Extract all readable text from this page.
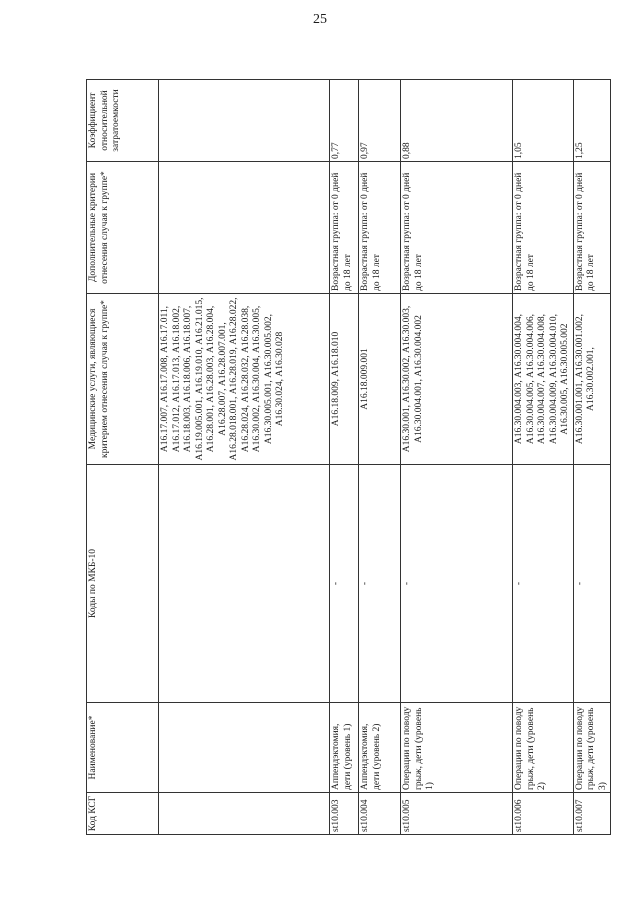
25
Код КСГ	Наименование*	Коды по МКБ-10	Медицинские услуги, являющиеся критерием отнесения случая к группе*	Дополнительные критерии отнесения случая к группе*	Коэффициент относительной затратоемкости
			А16.17.007, А16.17.008, А16.17.011, А16.17.012, А16.17.013, А16.18.002, А16.18.003, А16.18.006, А16.18.007, А16.19.005.001, А16.19.010, А16.21.015, А16.28.001, А16.28.003, А16.28.004, А16.28.007, А16.28.007.001, А16.28.018.001, А16.28.019, А16.28.022, А16.28.024, А16.28.032, А16.28.038, А16.30.002, А16.30.004, А16.30.005, А16.30.005.001, А16.30.005.002, А16.30.024, А16.30.028		
st10.003	Аппендэктомия, дети (уровень 1)	-	А16.18.009, А16.18.010	Возрастная группа: от 0 дней до 18 лет	0,77
st10.004	Аппендэктомия, дети (уровень 2)	-	А16.18.009.001	Возрастная группа: от 0 дней до 18 лет	0,97
st10.005	Операции по поводу грыж, дети (уровень 1)	-	А16.30.001, А16.30.002, А16.30.003, А16.30.004.001, А16.30.004.002	Возрастная группа: от 0 дней до 18 лет	0,88
st10.006	Операции по поводу грыж, дети (уровень 2)	-	А16.30.004.003, А16.30.004.004, А16.30.004.005, А16.30.004.006, А16.30.004.007, А16.30.004.008, А16.30.004.009, А16.30.004.010, А16.30.005, А16.30.005.002	Возрастная группа: от 0 дней до 18 лет	1,05
st10.007	Операции по поводу грыж, дети (уровень 3)	-	А16.30.001.001, А16.30.001.002, А16.30.002.001,	Возрастная группа: от 0 дней до 18 лет	1,25
